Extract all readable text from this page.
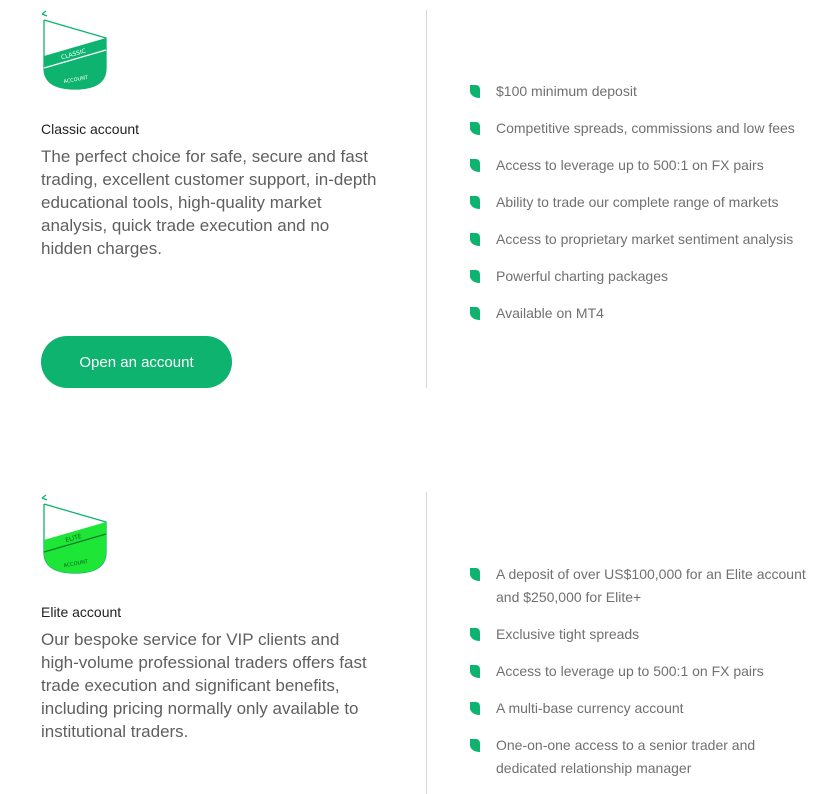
CLASSIC
ACCOUNT
Classic account

The perfect choice for safe, secure and fast trading, excellent customer support, in-depth educational tools, high-quality market analysis, quick trade execution and no hidden charges.

Open an account
$100 minimum deposit
Competitive spreads, commissions and low fees
Access to leverage up to 500:1 on FX pairs
Ability to trade our complete range of markets
Access to proprietary market sentiment analysis
Powerful charting packages
Available on MT4
ELITE
ACCOUNT
Elite account

Our bespoke service for VIP clients and high-volume professional traders offers fast trade execution and significant benefits, including pricing normally only available to institutional traders.

A deposit of over US$100,000 for an Elite account and $250,000 for Elite+
Exclusive tight spreads
Access to leverage up to 500:1 on FX pairs
A multi-base currency account
One-on-one access to a senior trader and dedicated relationship manager
